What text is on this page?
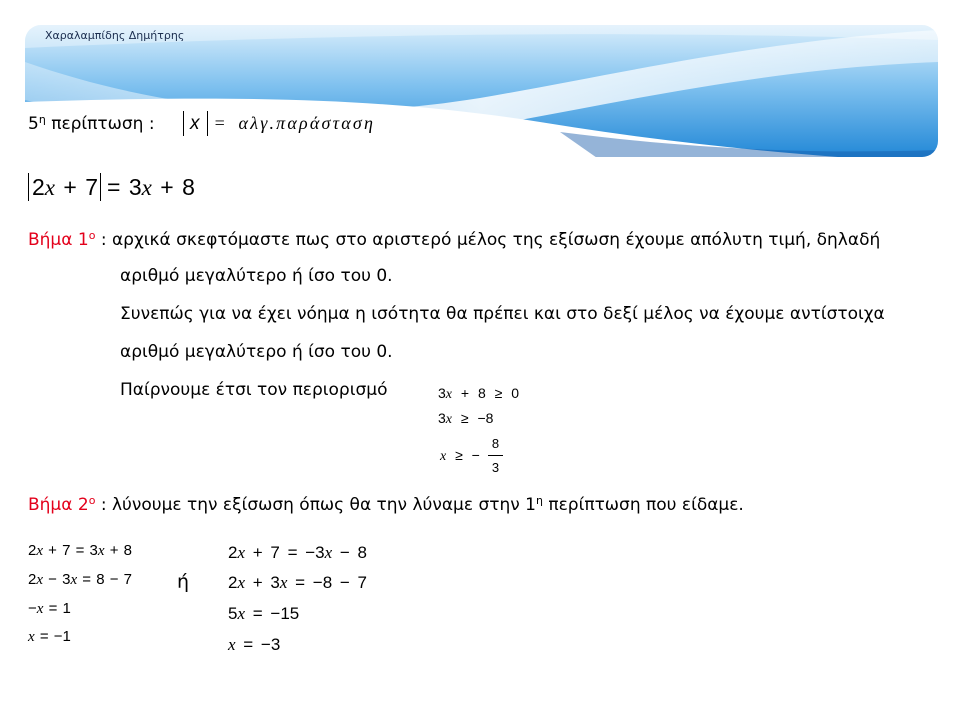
Χαραλαμπίδης Δημήτρης
$5^\eta$ περίπτωση :	x = αλγ.παράσταση
2x + 7 = 3x + 8
Βήμα $1^o$ : αρχικά σκεφτόμαστε πως στο αριστερό μέλος της εξίσωση έχουμε απόλυτη τιμή, δηλαδή
αριθμό μεγαλύτερο ή ίσο του 0.
Συνεπώς για να έχει νόημα η ισότητα θα πρέπει και στο δεξί μέλος να έχουμε αντίστοιχα
αριθμό μεγαλύτερο ή ίσο του 0.
Παίρνουμε έτσι τον περιορισμό	3x + 8 ≥ 0
3x ≥ −8
x ≥ − $\frac{8}{3}$
Βήμα $2^o$ : λύνουμε την εξίσωση όπως θα την λύναμε στην $1^\eta$ περίπτωση που είδαμε.
2x + 7 = 3x + 8
2x − 3x = 8 − 7
−x = 1
x = −1
ή
2x + 7 = −3x − 8
2x + 3x = −8 − 7
5x = −15
x = −3
